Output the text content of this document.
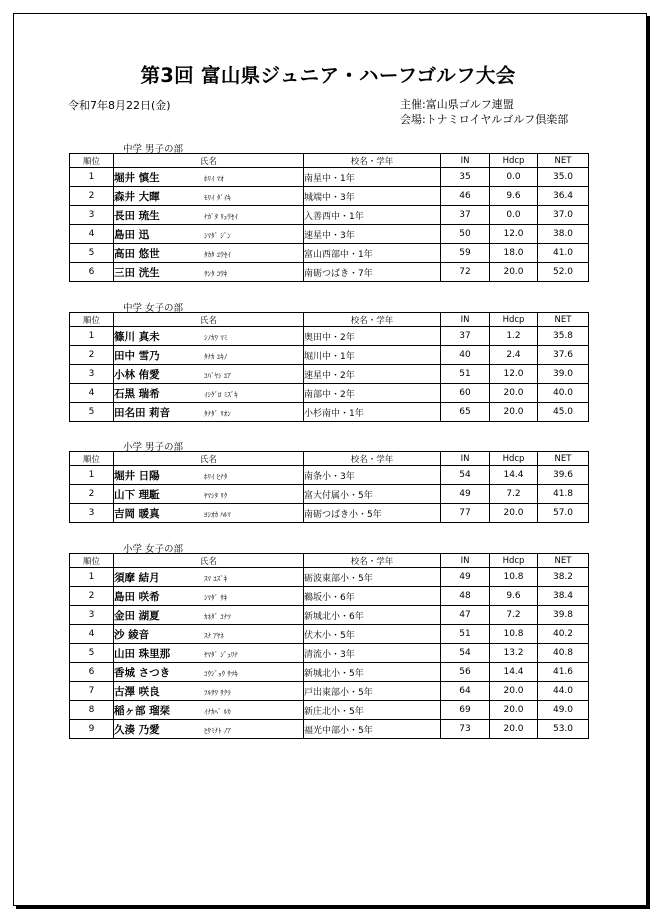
第3回 富山県ジュニア・ハーフゴルフ大会
令和7年8月22日(金)	主催:富山県ゴルフ連盟
会場:トナミロイヤルゴルフ倶楽部
中学 男子の部
順位	氏名	校名・学年	IN	Hdcp	NET
1	堀井 慎生 ﾎﾘｲ ﾏｵ	南星中・1年	35	0.0	35.0
2	森井 大暉 ﾓﾘｲ ﾀﾞｲｷ	城端中・3年	46	9.6	36.4
3	長田 琉生 ﾅｶﾞﾀ ﾘｭｳｾｲ	入善西中・1年	37	0.0	37.0
4	島田 迅 ｼﾏﾀﾞ ｼﾞﾝ	速星中・3年	50	12.0	38.0
5	高田 悠世 ﾀｶﾀ ﾕｳｾｲ	富山西部中・1年	59	18.0	41.0
6	三田 洸生 ｻﾝﾀ ｺｳｷ	南砺つばき・7年	72	20.0	52.0
中学 女子の部
順位	氏名	校名・学年	IN	Hdcp	NET
1	篠川 真未 ｼﾉｶﾜ ﾏﾐ	奥田中・2年	37	1.2	35.8
2	田中 雪乃 ﾀﾅｶ ﾕｷﾉ	堀川中・1年	40	2.4	37.6
3	小林 侑愛 ｺﾊﾞﾔｼ ﾕｱ	速星中・2年	51	12.0	39.0
4	石黒 瑞希 ｲｼｸﾞﾛ ﾐｽﾞｷ	南部中・2年	60	20.0	40.0
5	田名田 莉音 ﾀﾅﾀﾞ ﾘｵﾝ	小杉南中・1年	65	20.0	45.0
小学 男子の部
順位	氏名	校名・学年	IN	Hdcp	NET
1	堀井 日陽 ﾎﾘｲ ﾋﾅﾀ	南条小・3年	54	14.4	39.6
2	山下 理駈 ﾔﾏｼﾀ ﾘｸ	富大付属小・5年	49	7.2	41.8
3	吉岡 暖真 ﾖｼｵｶ ﾊﾙﾏ	南砺つばき小・5年	77	20.0	57.0
小学 女子の部
順位	氏名	校名・学年	IN	Hdcp	NET
1	須摩 結月 ｽﾏ ﾕｽﾞｷ	砺波東部小・5年	49	10.8	38.2
2	島田 咲希 ｼﾏﾀﾞ ｻｷ	鵜坂小・6年	48	9.6	38.4
3	金田 湖夏 ｶﾈﾀﾞ ｺﾅﾂ	新城北小・6年	47	7.2	39.8
4	沙 綾音 ｽﾅ ｱﾔﾈ	伏木小・5年	51	10.8	40.2
5	山田 珠里那 ﾔﾏﾀﾞ ｼﾞｭﾘﾅ	清流小・3年	54	13.2	40.8
6	香城 さつき ｺｳｼﾞｮｳ ｻﾂｷ	新城北小・5年	56	14.4	41.6
7	古澤 咲良 ﾌﾙｻﾜ ｻｸﾗ	戸出東部小・5年	64	20.0	44.0
8	稲ヶ部 瑠栞 ｲﾅｶﾍﾞ ﾙｶ	新庄北小・5年	69	20.0	49.0
9	久湊 乃愛 ﾋｻﾐﾅﾄ ﾉｱ	福光中部小・5年	73	20.0	53.0
